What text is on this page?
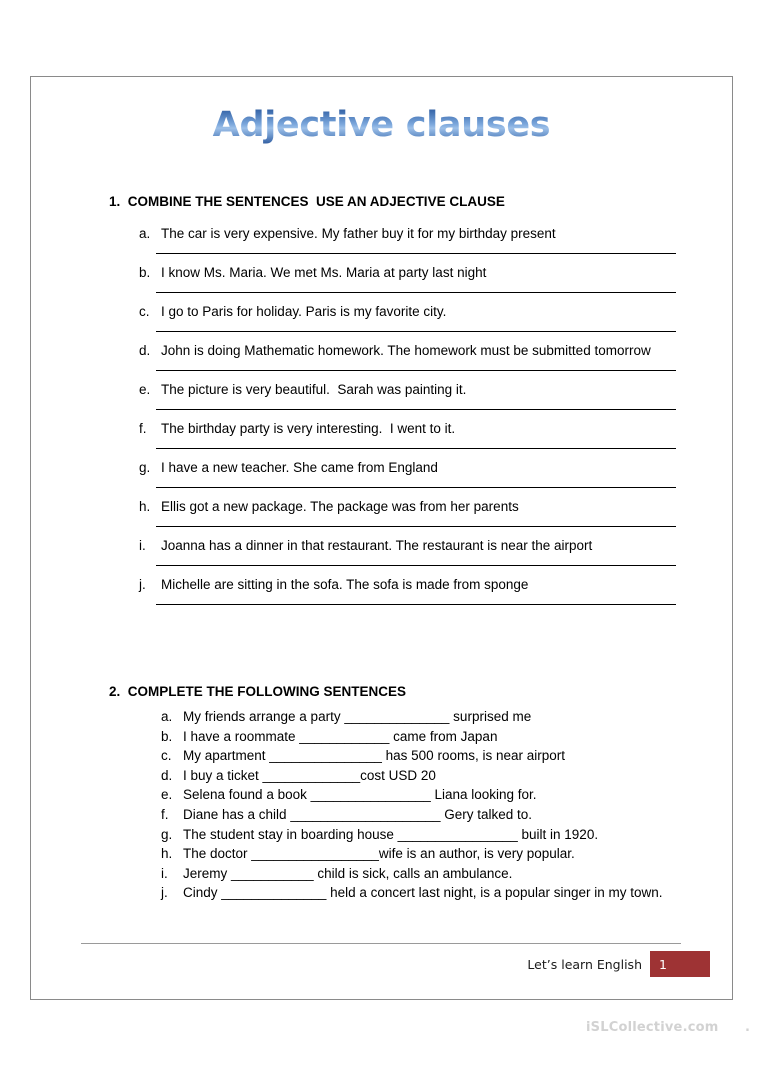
Adjective clauses
1. COMBINE THE SENTENCES  USE AN ADJECTIVE CLAUSE
a. The car is very expensive. My father buy it for my birthday present
b. I know Ms. Maria. We met Ms. Maria at party last night
c. I go to Paris for holiday. Paris is my favorite city.
d. John is doing Mathematic homework. The homework must be submitted tomorrow
e. The picture is very beautiful.  Sarah was painting it.
f.	The birthday party is very interesting.  I went to it.
g. I have a new teacher. She came from England
h. Ellis got a new package. The package was from her parents
i.	Joanna has a dinner in that restaurant. The restaurant is near the airport
j.	Michelle are sitting in the sofa. The sofa is made from sponge
2. COMPLETE THE FOLLOWING SENTENCES
a. My friends arrange a party ______________ surprised me
b. I have a roommate ____________ came from Japan
c. My apartment _______________ has 500 rooms, is near airport
d. I buy a ticket _____________cost USD 20
e. Selena found a book ________________ Liana looking for.
f.	Diane has a child ____________________ Gery talked to.
g. The student stay in boarding house ________________ built in 1920.
h. The doctor _________________wife is an author, is very popular.
i.	Jeremy ___________ child is sick, calls an ambulance.
j.	Cindy ______________ held a concert last night, is a popular singer in my town.
Let’s learn English	1
iSLCollective.com .
